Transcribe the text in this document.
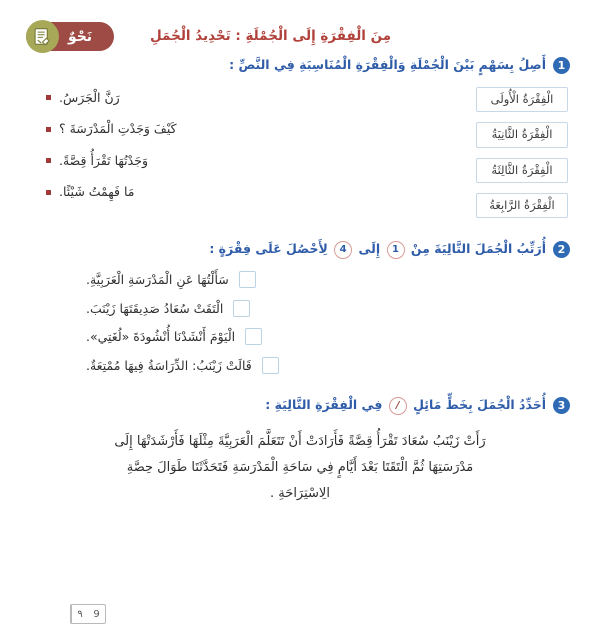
نَحْوٌ	مِنَ الْفِقْرَةِ إِلَى الْجُمْلَةِ : تَحْدِيدُ الْجُمَلِ
1
أَصِلُ بِسَهْمٍ بَيْنَ الْجُمْلَةِ وَالْفِقْرَةِ الْمُنَاسِبَةِ فِي النَّصِّ :
الْفِقْرَةُ الْأُولَى
الْفِقْرَةُ الثَّانِيَةُ
الْفِقْرَةُ الثَّالِثَةُ
الْفِقْرَةُ الرَّابِعَةُ
رَنَّ الْجَرَسُ.
كَيْفَ وَجَدْتِ الْمَدْرَسَةَ ؟
وَجَدْتُهَا تَقْرَأُ قِصَّةً.
مَا فَهِمْتُ شَيْئًا.
2
أُرَتِّبُ الْجُمَلَ التَّالِيَةَ مِنْ 1 إِلَى 4 لِأَحْصُلَ عَلَى فِقْرَةٍ :
سَأَلْتُهَا عَنِ الْمَدْرَسَةِ الْعَرَبِيَّةِ.
الْتَقَتْ سُعَادُ صَدِيقَتَهَا زَيْنَبَ.
الْيَوْمَ أَنْشَدْنَا أُنْشُودَةَ «لُغَتِي».
قَالَتْ زَيْنَبُ: الدِّرَاسَةُ فِيهَا مُمْتِعَةٌ.
3
أُحَدِّدُ الْجُمَلَ بِخَطٍّ مَائِلٍ / فِي الْفِقْرَةِ التَّالِيَةِ :

رَأَتْ زَيْنَبُ سُعَادَ تَقْرَأُ قِصَّةً فَأَرَادَتْ أَنْ تَتَعَلَّمَ الْعَرَبِيَّةَ مِثْلَهَا فَأَرْشَدَتْهَا إِلَى مَدْرَسَتِهَا ثُمَّ الْتَقَتَا بَعْدَ أَيَّامٍ فِي سَاحَةِ الْمَدْرَسَةِ فَتَحَدَّثَتَا طَوَالَ حِصَّةِ الِاسْتِرَاحَةِ .

9
٩
